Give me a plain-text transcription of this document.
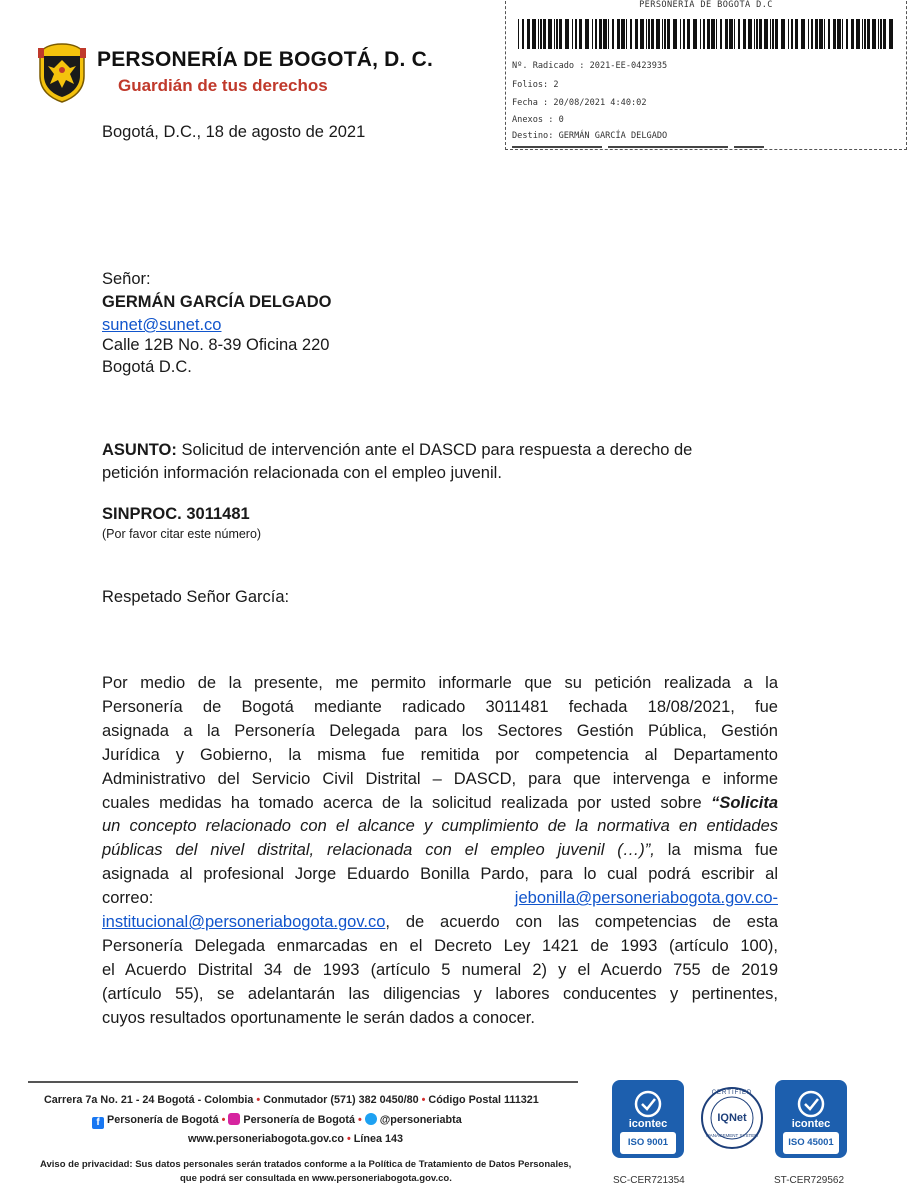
PERSONERÍA DE BOGOTÁ, D. C.
Guardián de tus derechos
PERSONERÍA DE BOGOTÁ D.C
Nº. Radicado : 2021-EE-0423935
Folios: 2
Fecha : 20/08/2021 4:40:02
Anexos : 0
Destino: GERMÁN GARCÍA DELGADO
Bogotá, D.C., 18 de agosto de 2021
Señor:
GERMÁN GARCÍA DELGADO
sunet@sunet.co
Calle 12B No. 8-39 Oficina 220
Bogotá D.C.
ASUNTO: Solicitud de intervención ante el DASCD para respuesta a derecho de
petición información relacionada con el empleo juvenil.
SINPROC. 3011481
(Por favor citar este número)
Respetado Señor García:
Por medio de la presente, me permito informarle que su petición realizada a la
Personería de Bogotá mediante radicado 3011481 fechada 18/08/2021, fue
asignada a la Personería Delegada para los Sectores Gestión Pública, Gestión
Jurídica y Gobierno, la misma fue remitida por competencia al Departamento
Administrativo del Servicio Civil Distrital – DASCD, para que intervenga e informe
cuales medidas ha tomado acerca de la solicitud realizada por usted sobre “Solicita
un concepto relacionado con el alcance y cumplimiento de la normativa en entidades
públicas del nivel distrital, relacionada con el empleo juvenil (…)”, la misma fue
asignada al profesional Jorge Eduardo Bonilla Pardo, para lo cual podrá escribir al
correo:	jebonilla@personeriabogota.gov.co-
institucional@personeriabogota.gov.co, de acuerdo con las competencias de esta
Personería Delegada enmarcadas en el Decreto Ley 1421 de 1993 (artículo 100),
el Acuerdo Distrital 34 de 1993 (artículo 5 numeral 2) y el Acuerdo 755 de 2019
(artículo 55), se adelantarán las diligencias y labores conducentes y pertinentes,
cuyos resultados oportunamente le serán dados a conocer.
Carrera 7a No. 21 - 24 Bogotá - Colombia • Conmutador (571) 382 0450/80 • Código Postal 111321
f Personería de Bogotá •  Personería de Bogotá •  @personeriabta
www.personeriabogota.gov.co • Línea 143
Aviso de privacidad: Sus datos personales serán tratados conforme a la Política de Tratamiento de Datos Personales,
que podrá ser consultada en www.personeriabogota.gov.co.
icontec
ISO 9001
SC-CER721354
CERTIFIED
IQNet
MANAGEMENT SYSTEM
icontec
ISO 45001
ST-CER729562
